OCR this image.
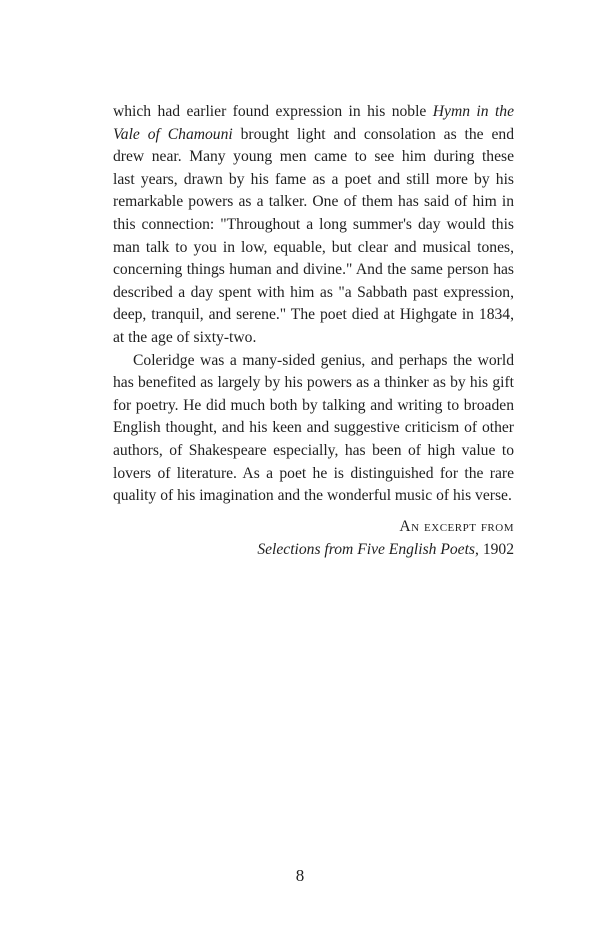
which had earlier found expression in his noble Hymn in the
Vale of Chamouni brought light and consolation as the end
drew near. Many young men came to see him during these
last years, drawn by his fame as a poet and still more by his
remarkable powers as a talker. One of them has said of him in
this connection: "Throughout a long summer's day would this
man talk to you in low, equable, but clear and musical tones,
concerning things human and divine." And the same person has
described a day spent with him as "a Sabbath past expression,
deep, tranquil, and serene." The poet died at Highgate in 1834,
at the age of sixty-two.

Coleridge was a many-sided genius, and perhaps the world
has benefited as largely by his powers as a thinker as by his gift
for poetry. He did much both by talking and writing to broaden
English thought, and his keen and suggestive criticism of other
authors, of Shakespeare especially, has been of high value to
lovers of literature. As a poet he is distinguished for the rare
quality of his imagination and the wonderful music of his verse.

An excerpt from
Selections from Five English Poets, 1902
8
